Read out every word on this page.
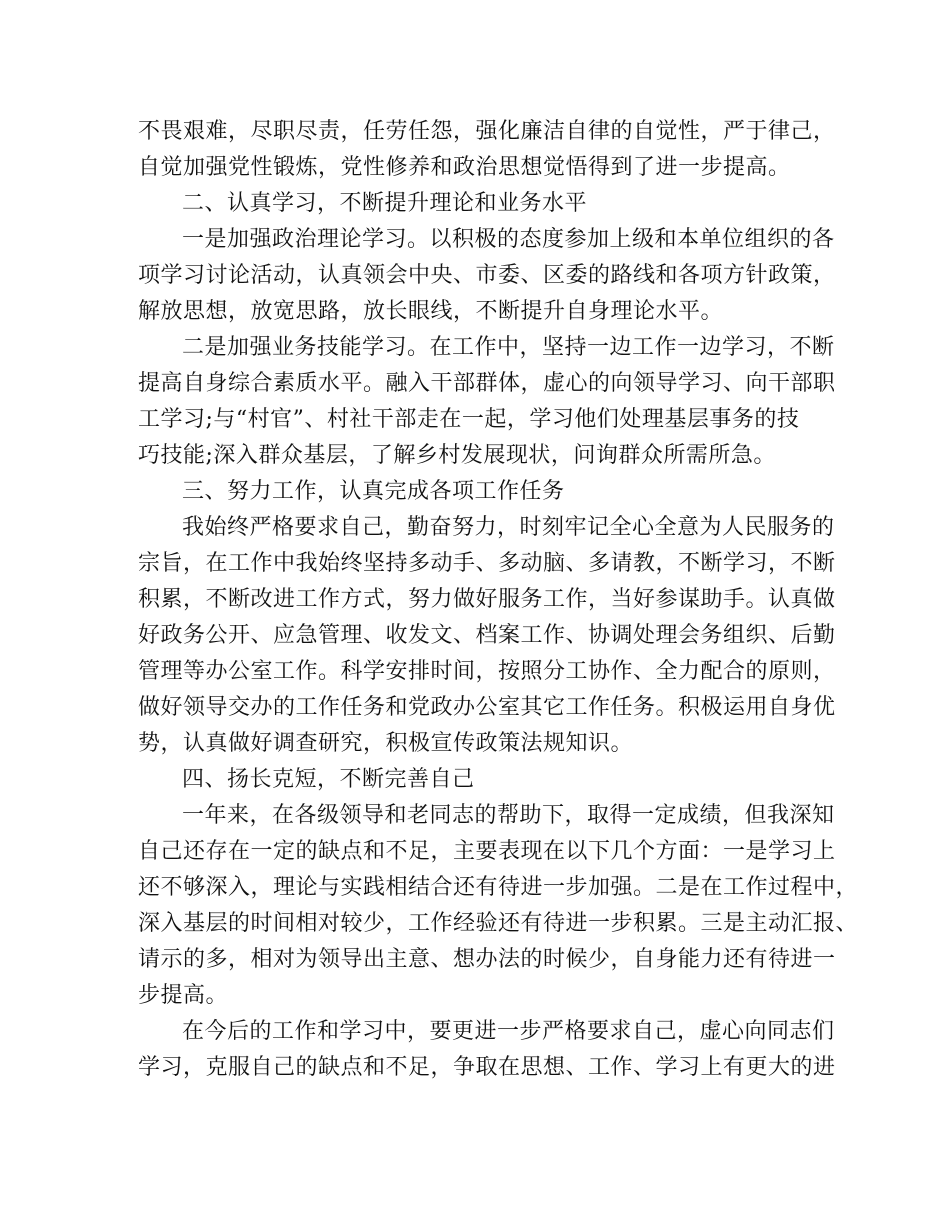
不畏艰难，尽职尽责，任劳任怨，强化廉洁自律的自觉性，严于律己，
自觉加强党性锻炼，党性修养和政治思想觉悟得到了进一步提高。
二、认真学习，不断提升理论和业务水平
一是加强政治理论学习。以积极的态度参加上级和本单位组织的各
项学习讨论活动，认真领会中央、市委、区委的路线和各项方针政策，
解放思想，放宽思路，放长眼线，不断提升自身理论水平。
二是加强业务技能学习。在工作中，坚持一边工作一边学习，不断
提高自身综合素质水平。融入干部群体，虚心的向领导学习、向干部职
工学习;与“村官”、村社干部走在一起，学习他们处理基层事务的技
巧技能;深入群众基层，了解乡村发展现状，问询群众所需所急。
三、努力工作，认真完成各项工作任务
我始终严格要求自己，勤奋努力，时刻牢记全心全意为人民服务的
宗旨，在工作中我始终坚持多动手、多动脑、多请教，不断学习，不断
积累，不断改进工作方式，努力做好服务工作，当好参谋助手。认真做
好政务公开、应急管理、收发文、档案工作、协调处理会务组织、后勤
管理等办公室工作。科学安排时间，按照分工协作、全力配合的原则，
做好领导交办的工作任务和党政办公室其它工作任务。积极运用自身优
势，认真做好调查研究，积极宣传政策法规知识。
四、扬长克短，不断完善自己
一年来，在各级领导和老同志的帮助下，取得一定成绩，但我深知
自己还存在一定的缺点和不足，主要表现在以下几个方面：一是学习上
还不够深入，理论与实践相结合还有待进一步加强。二是在工作过程中，
深入基层的时间相对较少，工作经验还有待进一步积累。三是主动汇报、
请示的多，相对为领导出主意、想办法的时候少，自身能力还有待进一
步提高。
在今后的工作和学习中，要更进一步严格要求自己，虚心向同志们
学习，克服自己的缺点和不足，争取在思想、工作、学习上有更大的进
